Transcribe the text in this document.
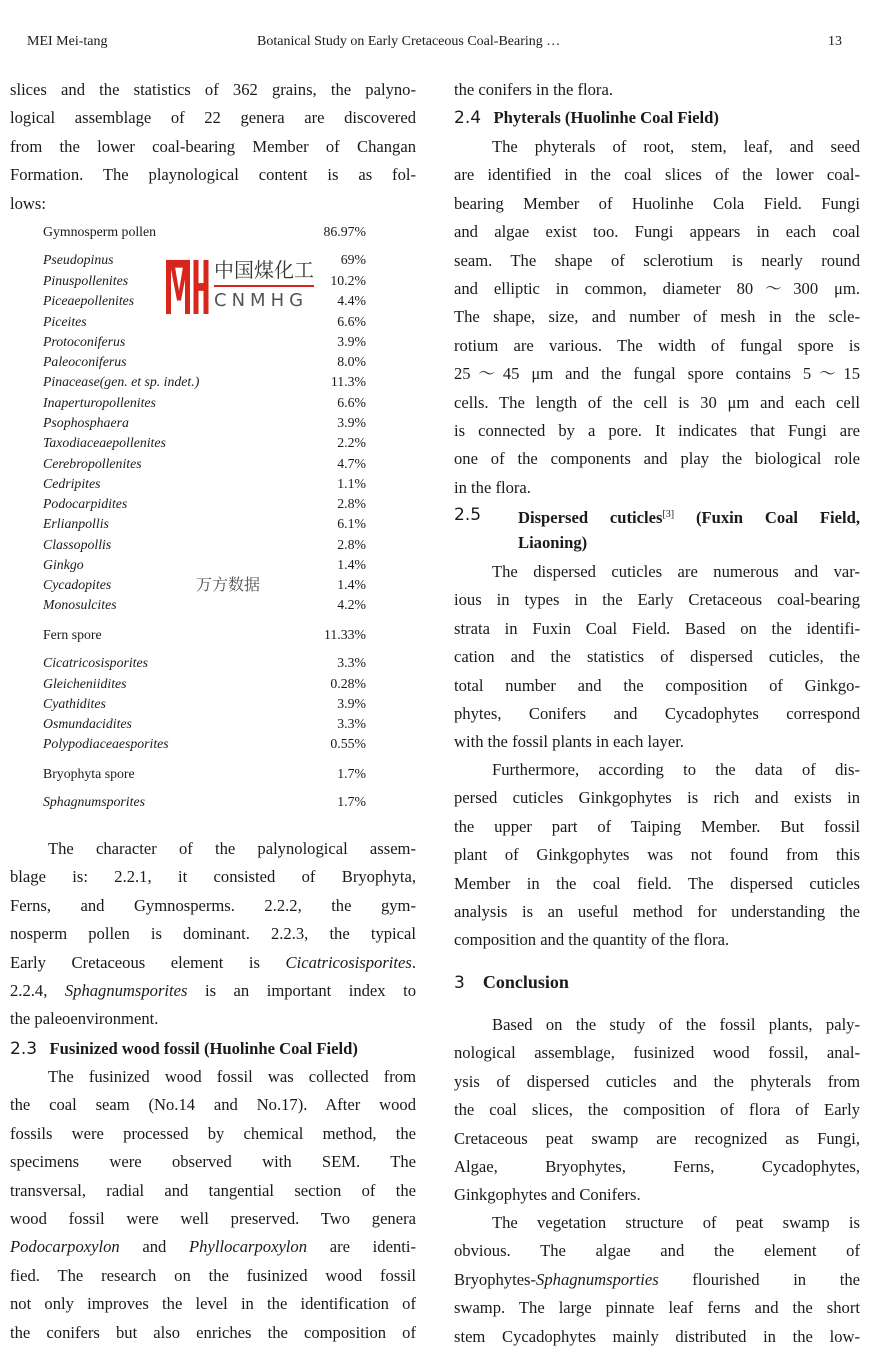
MEI Mei-tang	Botanical Study on Early Cretaceous Coal-Bearing …	13
slices and the statistics of 362 grains, the palyno-
logical assemblage of 22 genera are discovered
from the lower coal-bearing Member of Changan
Formation. The playnological content is as fol-
lows:
The character of the palynological assem-
blage is: 2.2.1, it consisted of Bryophyta,
Ferns, and Gymnosperms. 2.2.2, the gym-
nosperm pollen is dominant. 2.2.3, the typical
Early Cretaceous element is Cicatricosisporites.
2.2.4, Sphagnumsporites is an important index to
the paleoenvironment.
The fusinized wood fossil was collected from
the coal seam (No.14 and No.17). After wood
fossils were processed by chemical method, the
specimens were observed with SEM. The
transversal, radial and tangential section of the
wood fossil were well preserved. Two genera
Podocarpoxylon and Phyllocarpoxylon are identi-
fied. The research on the fusinized wood fossil
not only improves the level in the identification of
the conifers but also enriches the composition of
the conifers in the flora.
The phyterals of root, stem, leaf, and seed
are identified in the coal slices of the lower coal-
bearing Member of Huolinhe Cola Field. Fungi
and algae exist too. Fungi appears in each coal
seam. The shape of sclerotium is nearly round
and elliptic in common, diameter 80～300 μm.
The shape, size, and number of mesh in the scle-
rotium are various. The width of fungal spore is
25～45 μm and the fungal spore contains 5～15
cells. The length of the cell is 30 μm and each cell
is connected by a pore. It indicates that Fungi are
one of the components and play the biological role
in the flora.
The dispersed cuticles are numerous and var-
ious in types in the Early Cretaceous coal-bearing
strata in Fuxin Coal Field. Based on the identifi-
cation and the statistics of dispersed cuticles, the
total number and the composition of Ginkgo-
phytes, Conifers and Cycadophytes correspond
with the fossil plants in each layer.
Furthermore, according to the data of dis-
persed cuticles Ginkgophytes is rich and exists in
the upper part of Taiping Member. But fossil
plant of Ginkgophytes was not found from this
Member in the coal field. The dispersed cuticles
analysis is an useful method for understanding the
composition and the quantity of the flora.
Based on the study of the fossil plants, paly-
nological assemblage, fusinized wood fossil, anal-
ysis of dispersed cuticles and the phyterals from
the coal slices, the composition of flora of Early
Cretaceous peat swamp are recognized as Fungi,
Algae, Bryophytes, Ferns, Cycadophytes,
Ginkgophytes and Conifers.
The vegetation structure of peat swamp is
obvious. The algae and the element of
Bryophytes-Sphagnumsporties flourished in the
swamp. The large pinnate leaf ferns and the short
stem Cycadophytes mainly distributed in the low-
Gymnosperm pollen	86.97%
Pseudopinus	69%
Pinuspollenites	10.2%
Piceaepollenites	4.4%
Piceites	6.6%
Protoconiferus	3.9%
Paleoconiferus	8.0%
Pinacease(gen. et sp. indet.)	11.3%
Inaperturopollenites	6.6%
Psophosphaera	3.9%
Taxodiaceaepollenites	2.2%
Cerebropollenites	4.7%
Cedripites	1.1%
Podocarpidites	2.8%
Erlianpollis	6.1%
Classopollis	2.8%
Ginkgo	1.4%
Cycadopites	1.4%
Monosulcites	4.2%
Fern spore	11.33%
Cicatricosisporites	3.3%
Gleicheniidites	0.28%
Cyathidites	3.9%
Osmundacidites	3.3%
Polypodiaceaesporites	0.55%
Bryophyta spore	1.7%
Sphagnumsporites	1.7%
2.3 Fusinized wood fossil (Huolinhe Coal Field)
2.4 Phyterals (Huolinhe Coal Field)
2.5 Dispersed cuticles[3] (Fuxin Coal Field,
Liaoning)
3 Conclusion
中国煤化工
CNMHG
万方数据
